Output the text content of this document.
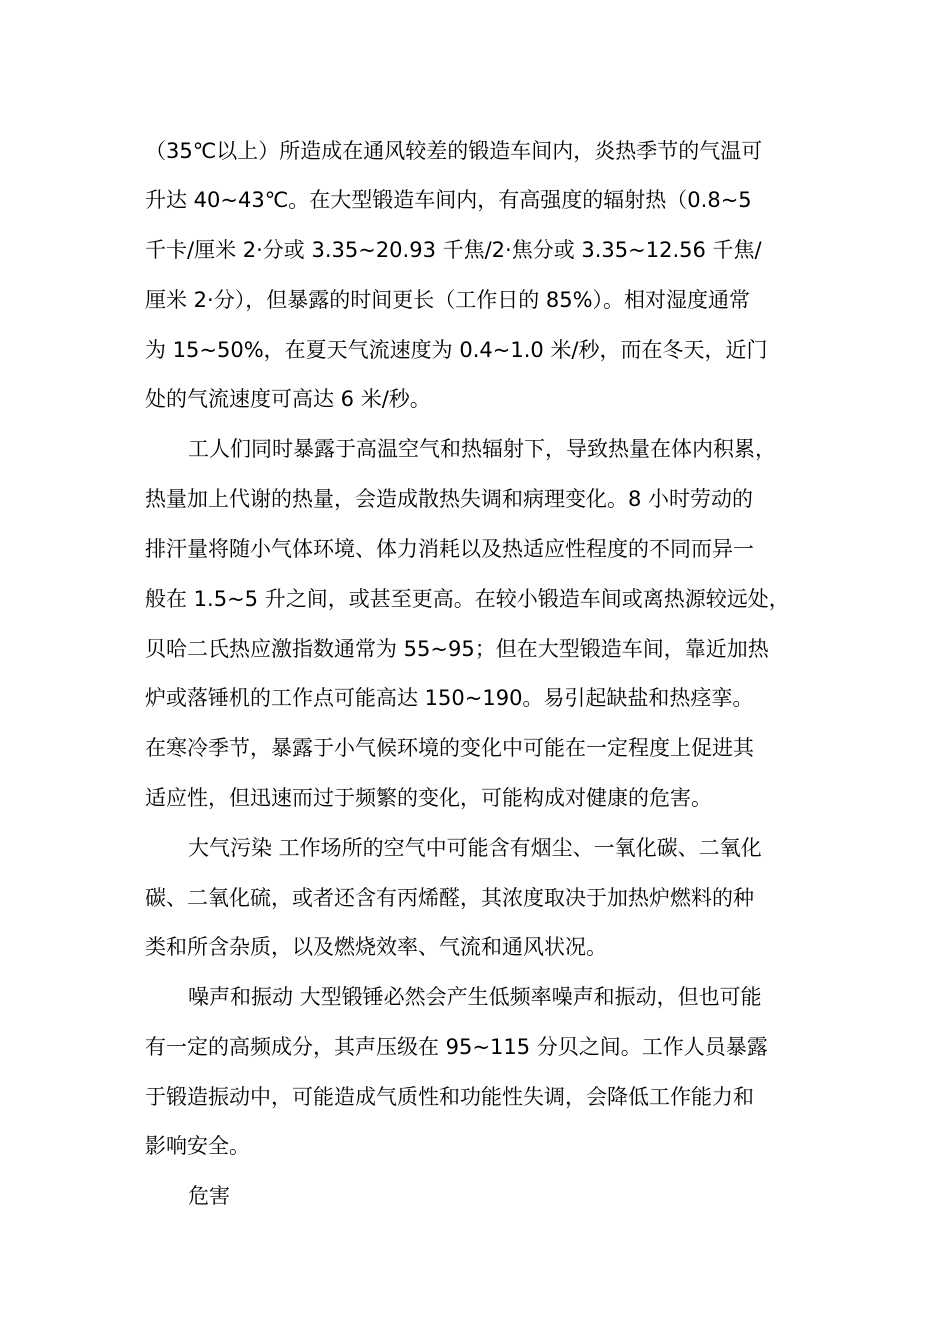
（35℃以上）所造成在通风较差的锻造车间内，炎热季节的气温可

升达 40~43℃。在大型锻造车间内，有高强度的辐射热（0.8~5

千卡/厘米 2·分或 3.35~20.93 千焦/2·焦分或 3.35~12.56 千焦/

厘米 2·分），但暴露的时间更长（工作日的 85%）。相对湿度通常

为 15~50%，在夏天气流速度为 0.4~1.0 米/秒，而在冬天，近门

处的气流速度可高达 6 米/秒。

工人们同时暴露于高温空气和热辐射下，导致热量在体内积累，

热量加上代谢的热量，会造成散热失调和病理变化。8 小时劳动的

排汗量将随小气体环境、体力消耗以及热适应性程度的不同而异一

般在 1.5~5 升之间，或甚至更高。在较小锻造车间或离热源较远处，

贝哈二氏热应激指数通常为 55~95；但在大型锻造车间，靠近加热

炉或落锤机的工作点可能高达 150~190。易引起缺盐和热痉挛。

在寒冷季节，暴露于小气候环境的变化中可能在一定程度上促进其

适应性，但迅速而过于频繁的变化，可能构成对健康的危害。

大气污染 工作场所的空气中可能含有烟尘、一氧化碳、二氧化

碳、二氧化硫，或者还含有丙烯醛，其浓度取决于加热炉燃料的种

类和所含杂质，以及燃烧效率、气流和通风状况。

噪声和振动 大型锻锤必然会产生低频率噪声和振动，但也可能

有一定的高频成分，其声压级在 95~115 分贝之间。工作人员暴露

于锻造振动中，可能造成气质性和功能性失调，会降低工作能力和

影响安全。

危害
